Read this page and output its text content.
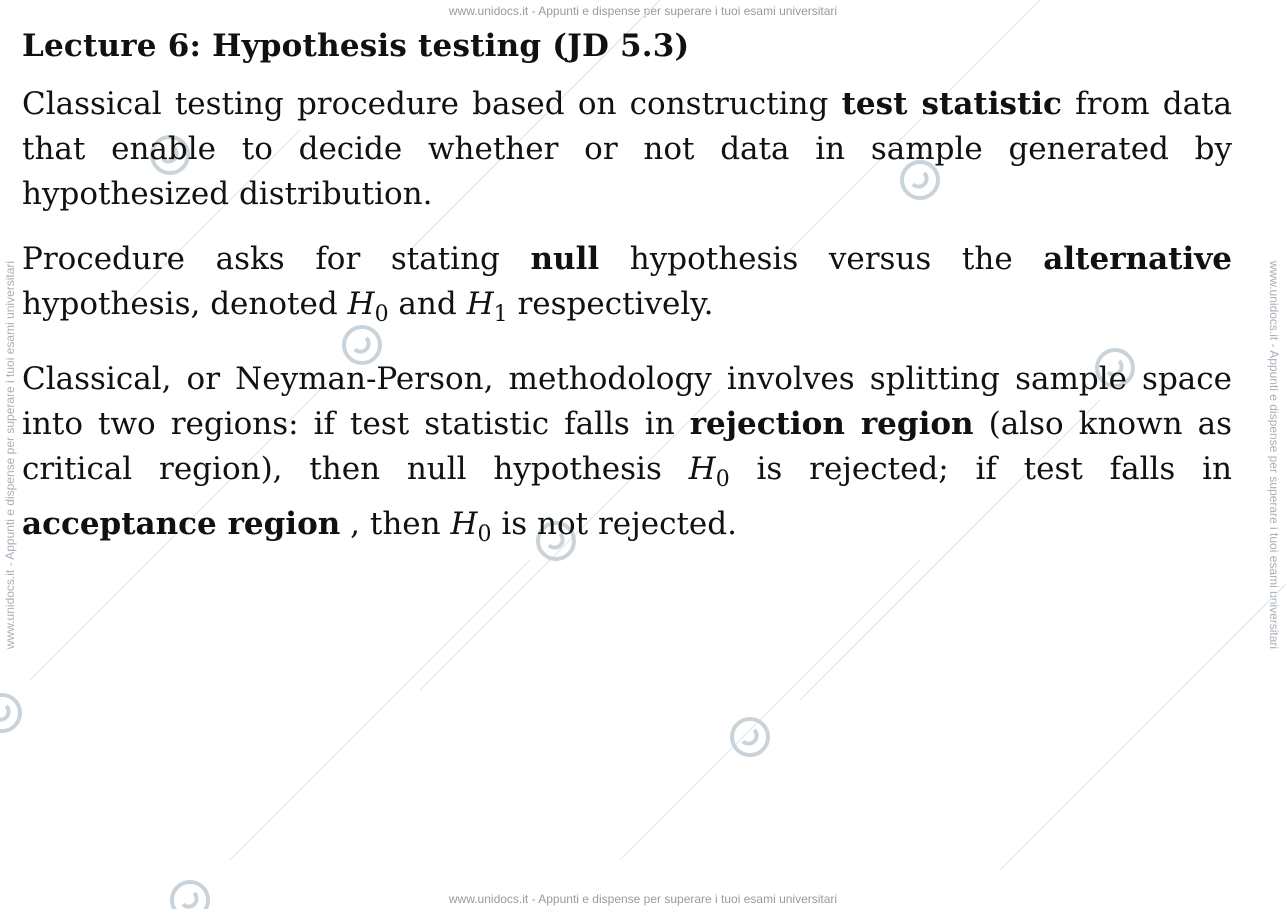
www.unidocs.it - Appunti e dispense per superare i tuoi esami universitari
www.unidocs.it - Appunti e dispense per superare i tuoi esami universitari
www.unidocs.it - Appunti e dispense per superare i tuoi esami universitari	www.unidocs.it - Appunti e dispense per superare i tuoi esami universitari
Lecture 6: Hypothesis testing (JD 5.3)

Classical testing procedure based on constructing test statistic from data that enable to decide whether or not data in sample generated by hypothesized distribution.

Procedure asks for stating null hypothesis versus the alternative hypothesis, denoted $H_0$ and $H_1$ respectively.

Classical, or Neyman-Person, methodology involves splitting sample space into two regions: if test statistic falls in rejection region (also known as critical region), then null hypothesis $H_0$ is rejected; if test falls in acceptance region , then $H_0$ is not rejected.
